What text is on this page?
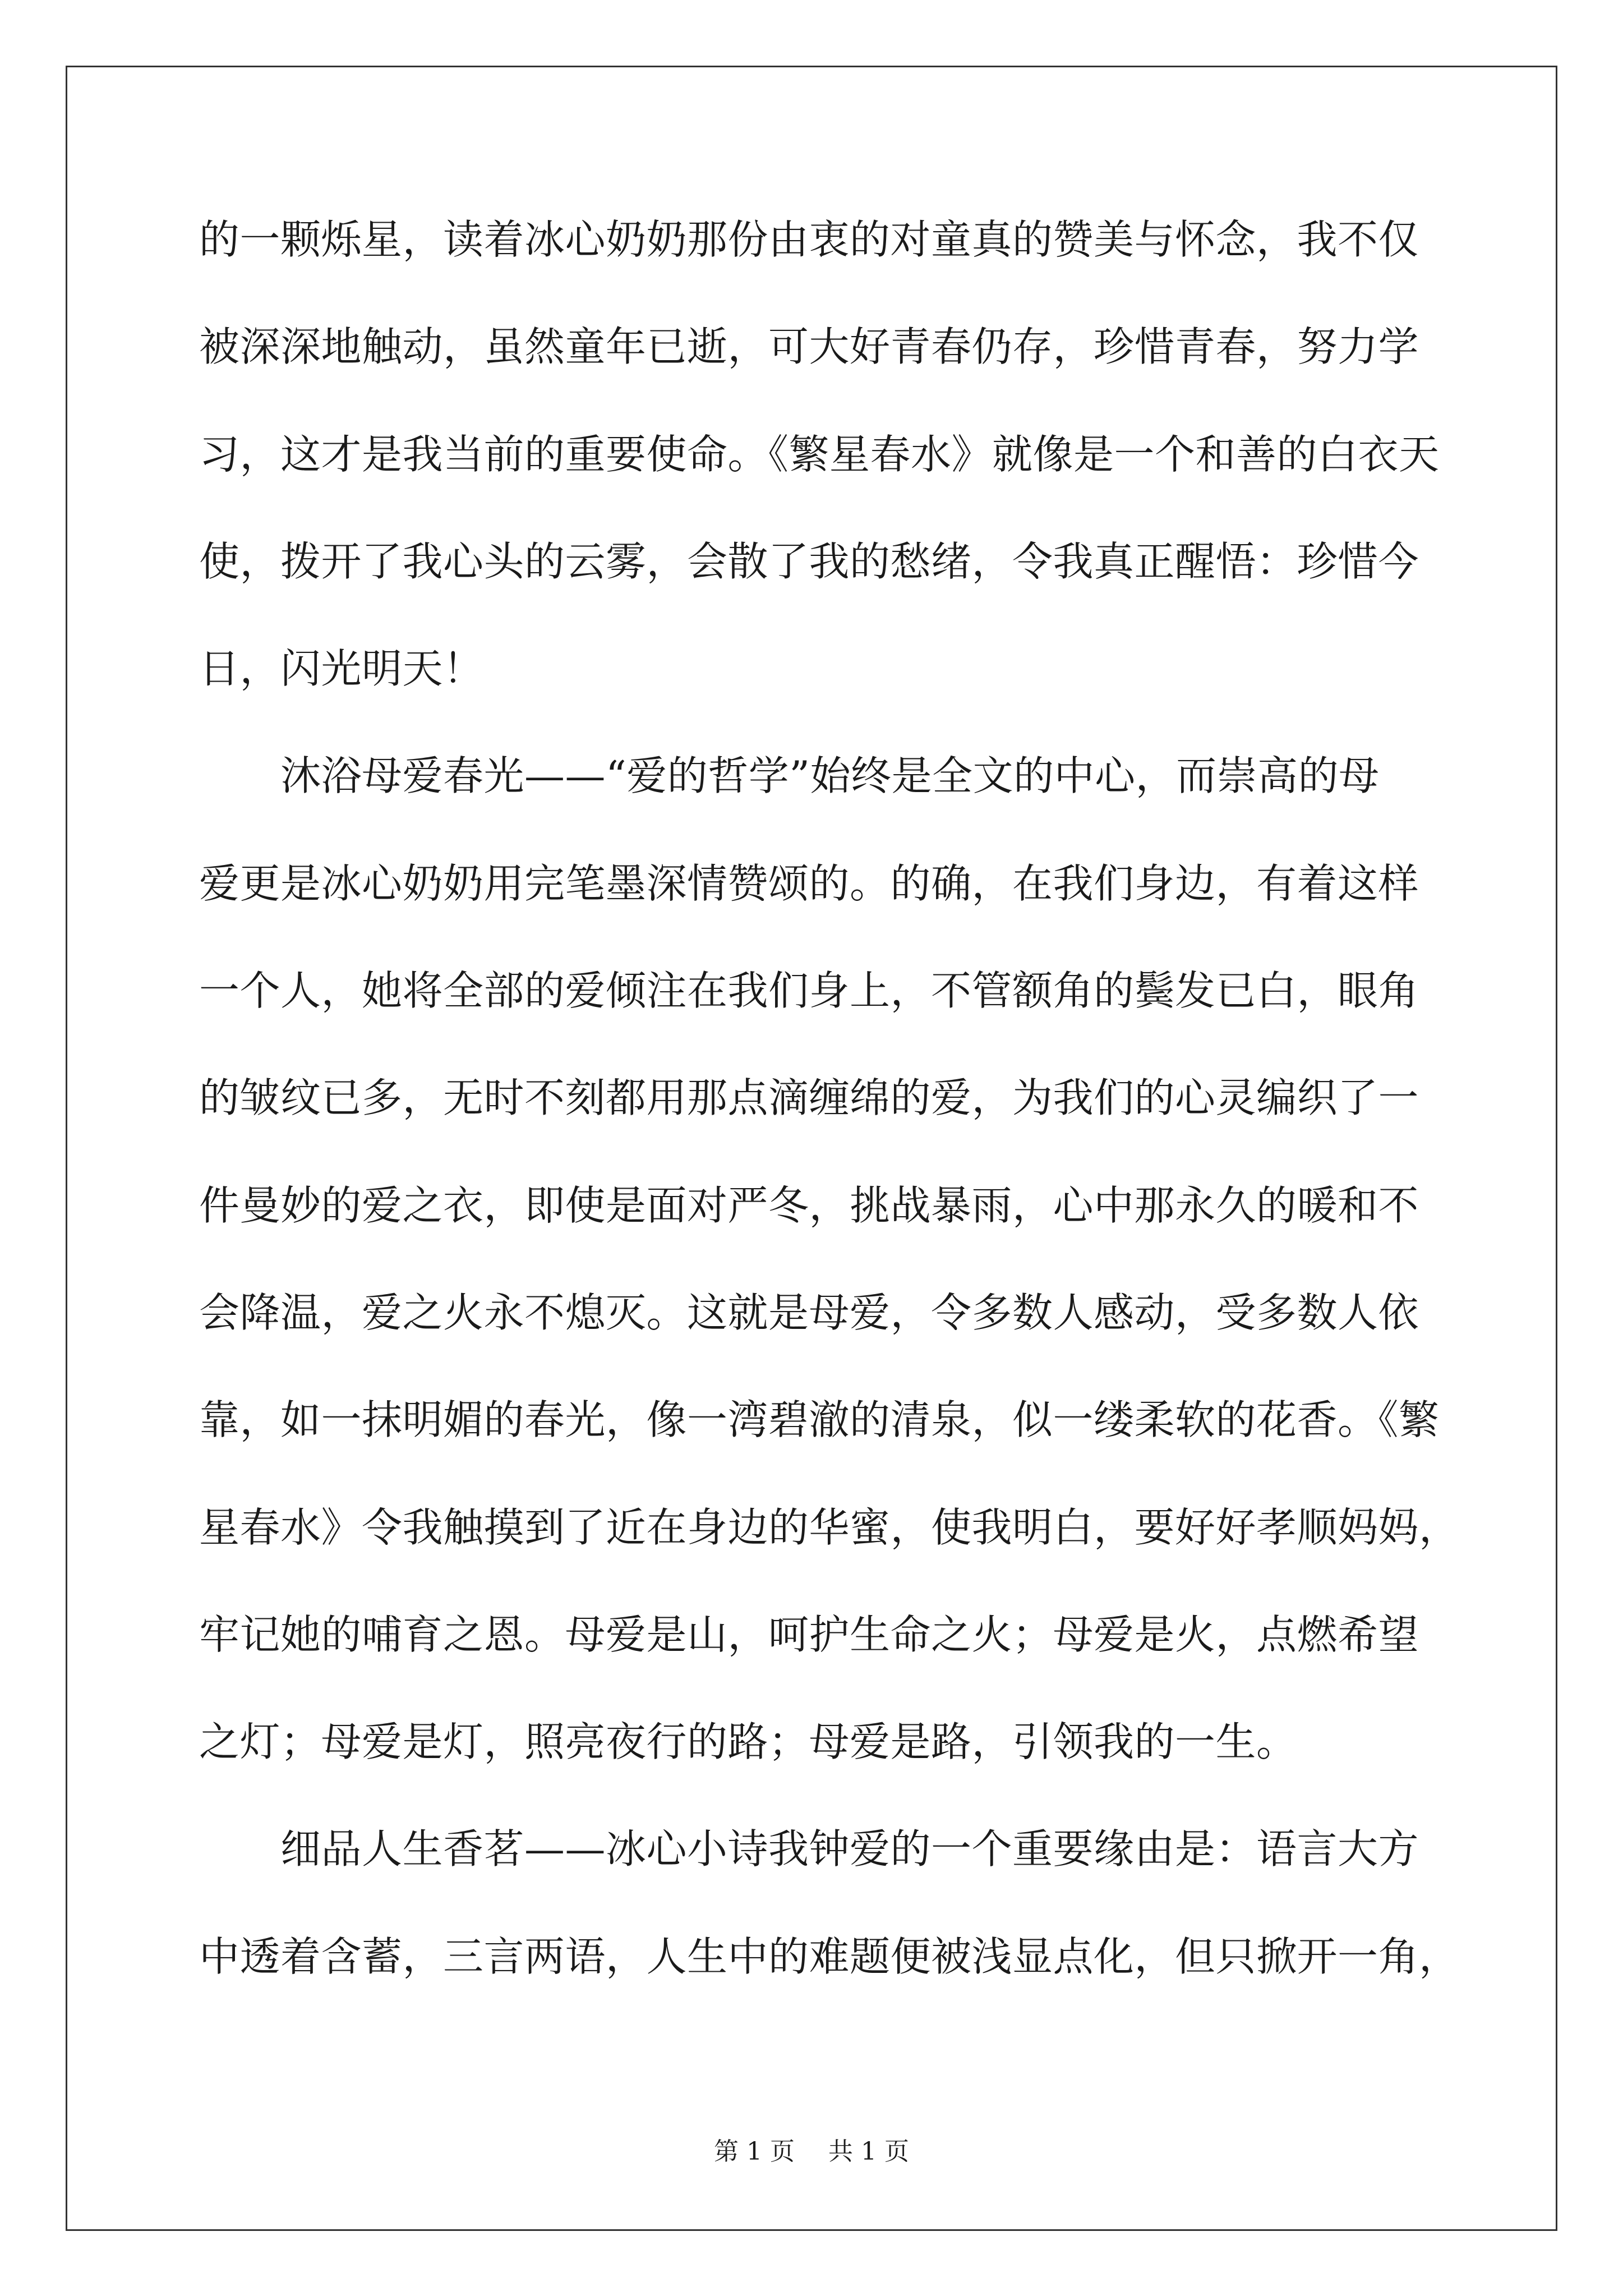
的一颗烁星，读着冰心奶奶那份由衷的对童真的赞美与怀念，我不仅
被深深地触动，虽然童年已逝，可大好青春仍存，珍惜青春，努力学
习，这才是我当前的重要使命。《繁星春水》就像是一个和善的白衣天
使，拨开了我心头的云雾，会散了我的愁绪，令我真正醒悟：珍惜今
日，闪光明天！
沐浴母爱春光——“爱的哲学”始终是全文的中心，而崇高的母
爱更是冰心奶奶用完笔墨深情赞颂的。的确，在我们身边，有着这样
一个人，她将全部的爱倾注在我们身上，不管额角的鬓发已白，眼角
的皱纹已多，无时不刻都用那点滴缠绵的爱，为我们的心灵编织了一
件曼妙的爱之衣，即使是面对严冬，挑战暴雨，心中那永久的暖和不
会降温，爱之火永不熄灭。这就是母爱，令多数人感动，受多数人依
靠，如一抹明媚的春光，像一湾碧澈的清泉，似一缕柔软的花香。《繁
星春水》令我触摸到了近在身边的华蜜，使我明白，要好好孝顺妈妈，
牢记她的哺育之恩。母爱是山，呵护生命之火；母爱是火，点燃希望
之灯；母爱是灯，照亮夜行的路；母爱是路，引领我的一生。
细品人生香茗——冰心小诗我钟爱的一个重要缘由是：语言大方
中透着含蓄，三言两语，人生中的难题便被浅显点化，但只掀开一角，
第 1 页 共 1 页
